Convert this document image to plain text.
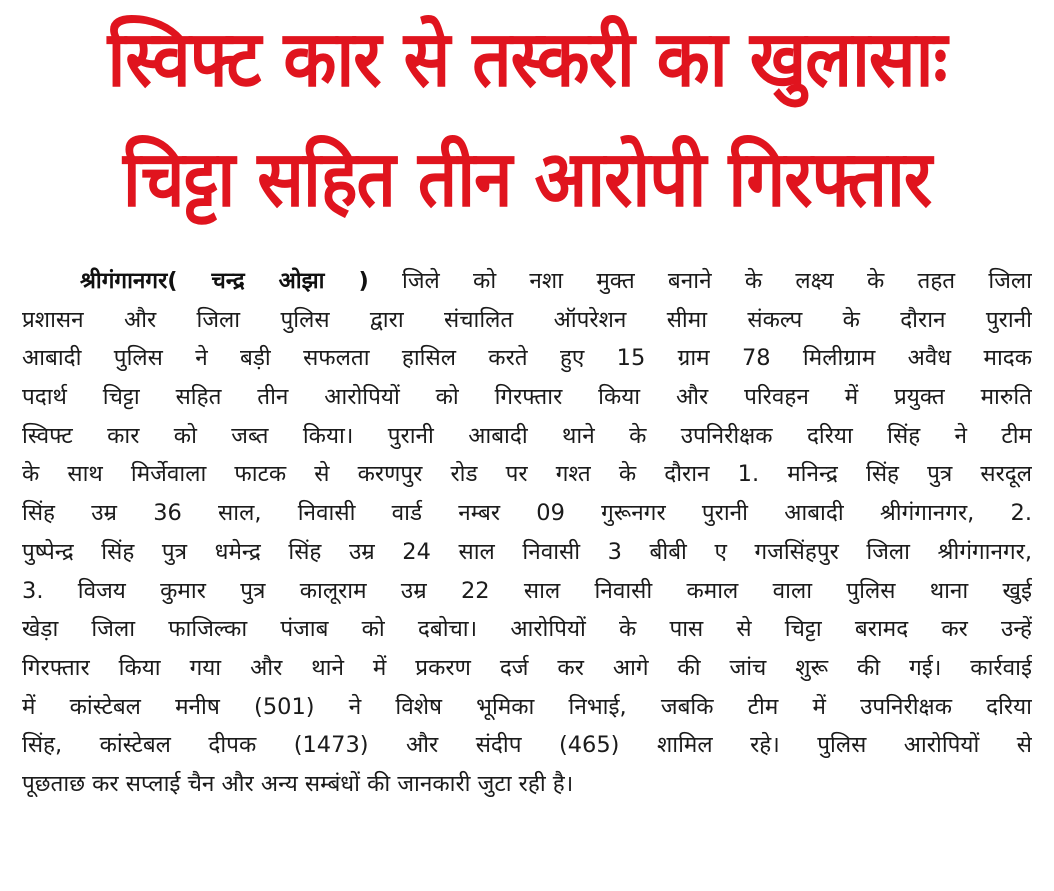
स्विफ्ट कार से तस्करी का खुलासाः
चिट्टा सहित तीन आरोपी गिरफ्तार
श्रीगंगानगर( चन्द्र ओझा ) जिले को नशा मुक्त बनाने के लक्ष्य के तहत जिला
प्रशासन और जिला पुलिस द्वारा संचालित ऑपरेशन सीमा संकल्प के दौरान पुरानी
आबादी पुलिस ने बड़ी सफलता हासिल करते हुए 15 ग्राम 78 मिलीग्राम अवैध मादक
पदार्थ चिट्टा सहित तीन आरोपियों को गिरफ्तार किया और परिवहन में प्रयुक्त मारुति
स्विफ्ट कार को जब्त किया। पुरानी आबादी थाने के उपनिरीक्षक दरिया सिंह ने टीम
के साथ मिर्जेवाला फाटक से करणपुर रोड पर गश्त के दौरान 1. मनिन्द्र सिंह पुत्र सरदूल
सिंह उम्र 36 साल, निवासी वार्ड नम्बर 09 गुरूनगर पुरानी आबादी श्रीगंगानगर, 2.
पुष्पेन्द्र सिंह पुत्र धमेन्द्र सिंह उम्र 24 साल निवासी 3 बीबी ए गजसिंहपुर जिला श्रीगंगानगर,
3. विजय कुमार पुत्र कालूराम उम्र 22 साल निवासी कमाल वाला पुलिस थाना खुई
खेड़ा जिला फाजिल्का पंजाब को दबोचा। आरोपियों के पास से चिट्टा बरामद कर उन्हें
गिरफ्तार किया गया और थाने में प्रकरण दर्ज कर आगे की जांच शुरू की गई। कार्रवाई
में कांस्टेबल मनीष (501) ने विशेष भूमिका निभाई, जबकि टीम में उपनिरीक्षक दरिया
सिंह, कांस्टेबल दीपक (1473) और संदीप (465) शामिल रहे। पुलिस आरोपियों से
पूछताछ कर सप्लाई चैन और अन्य सम्बंधों की जानकारी जुटा रही है।
